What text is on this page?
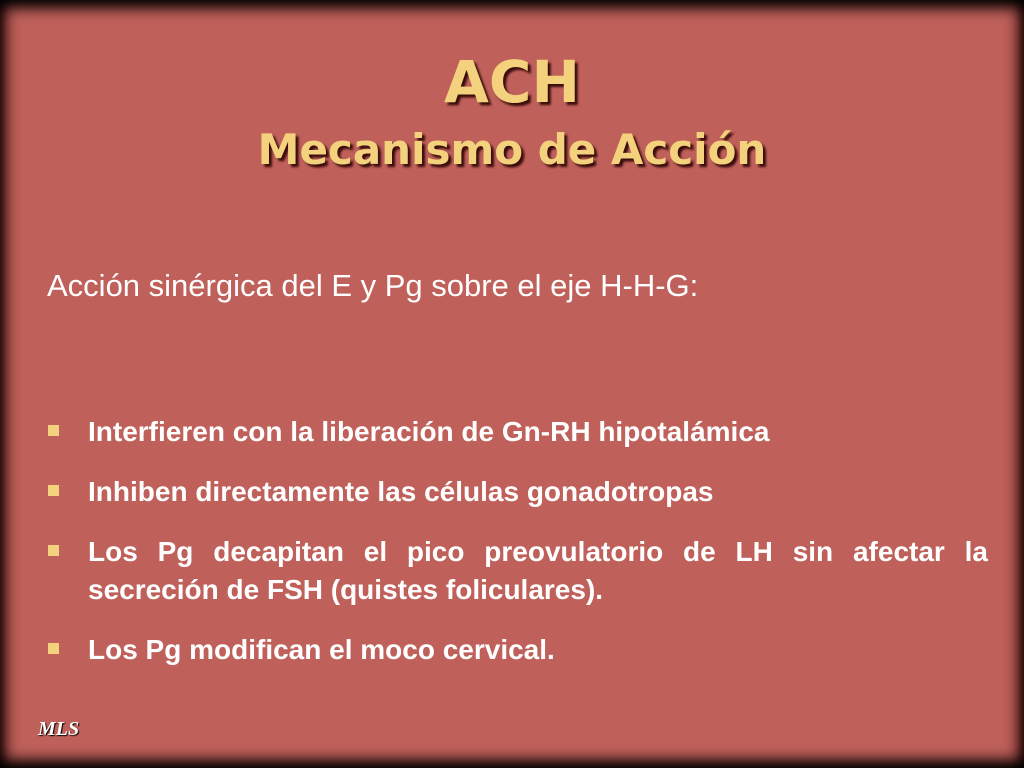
ACH
Mecanismo de Acción
Acción sinérgica del E y Pg sobre el eje H-H-G:
Interfieren con la liberación de Gn-RH hipotalámica
Inhiben directamente las células gonadotropas
Los Pg decapitan el pico preovulatorio de LH sin afectar la secreción de FSH (quistes foliculares).
Los Pg modifican el moco cervical.
MLS
